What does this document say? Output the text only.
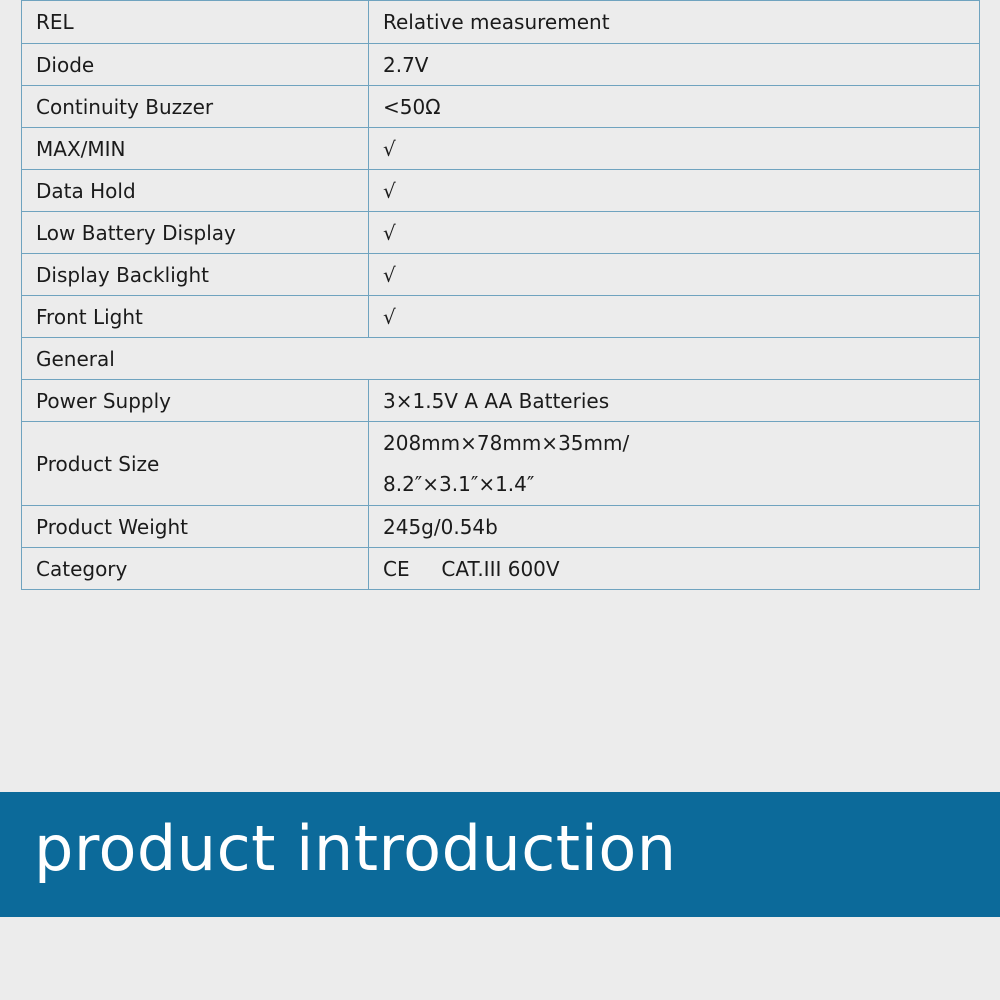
REL	Relative measurement
Diode	2.7V
Continuity Buzzer	<50Ω
MAX/MIN	√
Data Hold	√
Low Battery Display	√
Display Backlight	√
Front Light	√
General	
Power Supply	3×1.5V A AA Batteries
Product Size	208mm×78mm×35mm/
8.2″×3.1″×1.4″

Product Weight	245g/0.54b
Category	CE     CAT.III 600V
product introduction
